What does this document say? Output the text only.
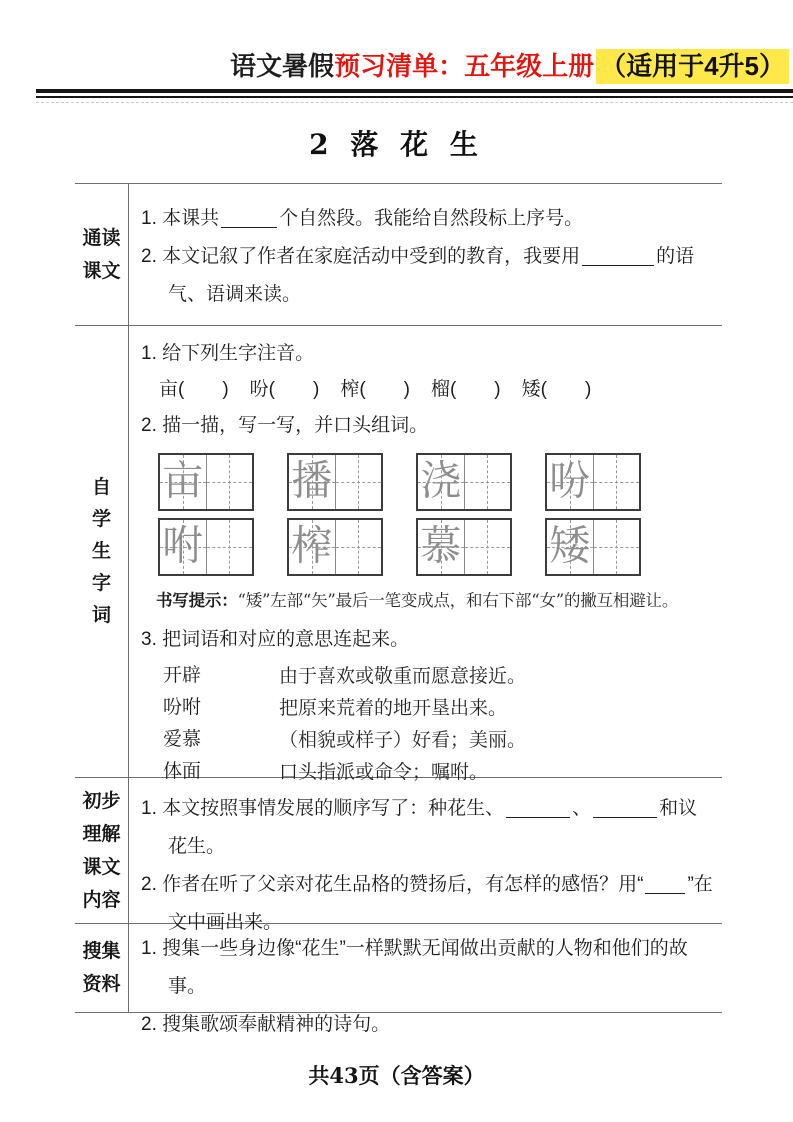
语文暑假预习清单：五年级上册 （适用于4升5）
2 落 花 生
通读
课文

1. 本课共	个自然段。我能给自然段标上序号。

2. 本文记叙了作者在家庭活动中受到的教育，我要用	的语气、语调来读。

自
学
生
字
词

1. 给下列生字注音。

亩(　　) 吩(　　) 榨(　　) 榴(　　) 矮(　　)

2. 描一描，写一写，并口头组词。

亩 播 浇 吩
咐 榨 慕 矮

书写提示：“矮”左部“矢”最后一笔变成点，和右下部“女”的撇互相避让。

3. 把词语和对应的意思连起来。

开辟	由于喜欢或敬重而愿意接近。
吩咐	把原来荒着的地开垦出来。
爱慕	（相貌或样子）好看；美丽。
体面	口头指派或命令；嘱咐。
初步
理解
课文
内容

1. 本文按照事情发展的顺序写了：种花生、	、	和议花生。

2. 作者在听了父亲对花生品格的赞扬后，有怎样的感悟？用“ ”在文中画出来。

搜集
资料

1. 搜集一些身边像“花生”一样默默无闻做出贡献的人物和他们的故事。

2. 搜集歌颂奉献精神的诗句。

共43页（含答案）
